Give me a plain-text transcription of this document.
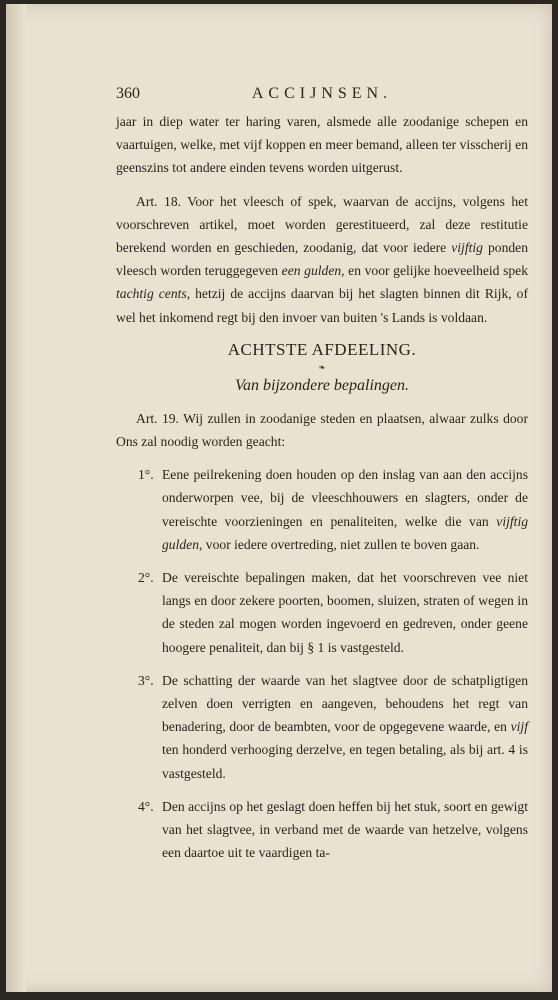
360	ACCIJNSEN.

jaar in diep water ter haring varen, alsmede alle zoodanige schepen en vaartuigen, welke, met vijf koppen en meer bemand, alleen ter visscherij en geenszins tot andere einden tevens worden uitgerust.

Art. 18. Voor het vleesch of spek, waarvan de accijns, volgens het voorschreven artikel, moet worden gerestitueerd, zal deze restitutie berekend worden en geschieden, zoodanig, dat voor iedere vijftig ponden vleesch worden teruggegeven een gulden, en voor gelijke hoeveelheid spek tachtig cents, hetzij de accijns daarvan bij het slagten binnen dit Rijk, of wel het inkomend regt bij den invoer van buiten 's Lands is voldaan.

ACHTSTE AFDEELING.
❧
Van bijzondere bepalingen.

Art. 19. Wij zullen in zoodanige steden en plaatsen, alwaar zulks door Ons zal noodig worden geacht:

1°. Eene peilrekening doen houden op den inslag van aan den accijns onderworpen vee, bij de vleeschhouwers en slagters, onder de vereischte voorzieningen en penaliteiten, welke die van vijftig gulden, voor iedere overtreding, niet zullen te boven gaan.
2°. De vereischte bepalingen maken, dat het voorschreven vee niet langs en door zekere poorten, boomen, sluizen, straten of wegen in de steden zal mogen worden ingevoerd en gedreven, onder geene hoogere penaliteit, dan bij § 1 is vastgesteld.
3°. De schatting der waarde van het slagtvee door de schatpligtigen zelven doen verrigten en aangeven, behoudens het regt van benadering, door de beambten, voor de opgegevene waarde, en vijf ten honderd verhooging derzelve, en tegen betaling, als bij art. 4 is vastgesteld.
4°. Den accijns op het geslagt doen heffen bij het stuk, soort en gewigt van het slagtvee, in verband met de waarde van hetzelve, volgens een daartoe uit te vaardigen ta-
